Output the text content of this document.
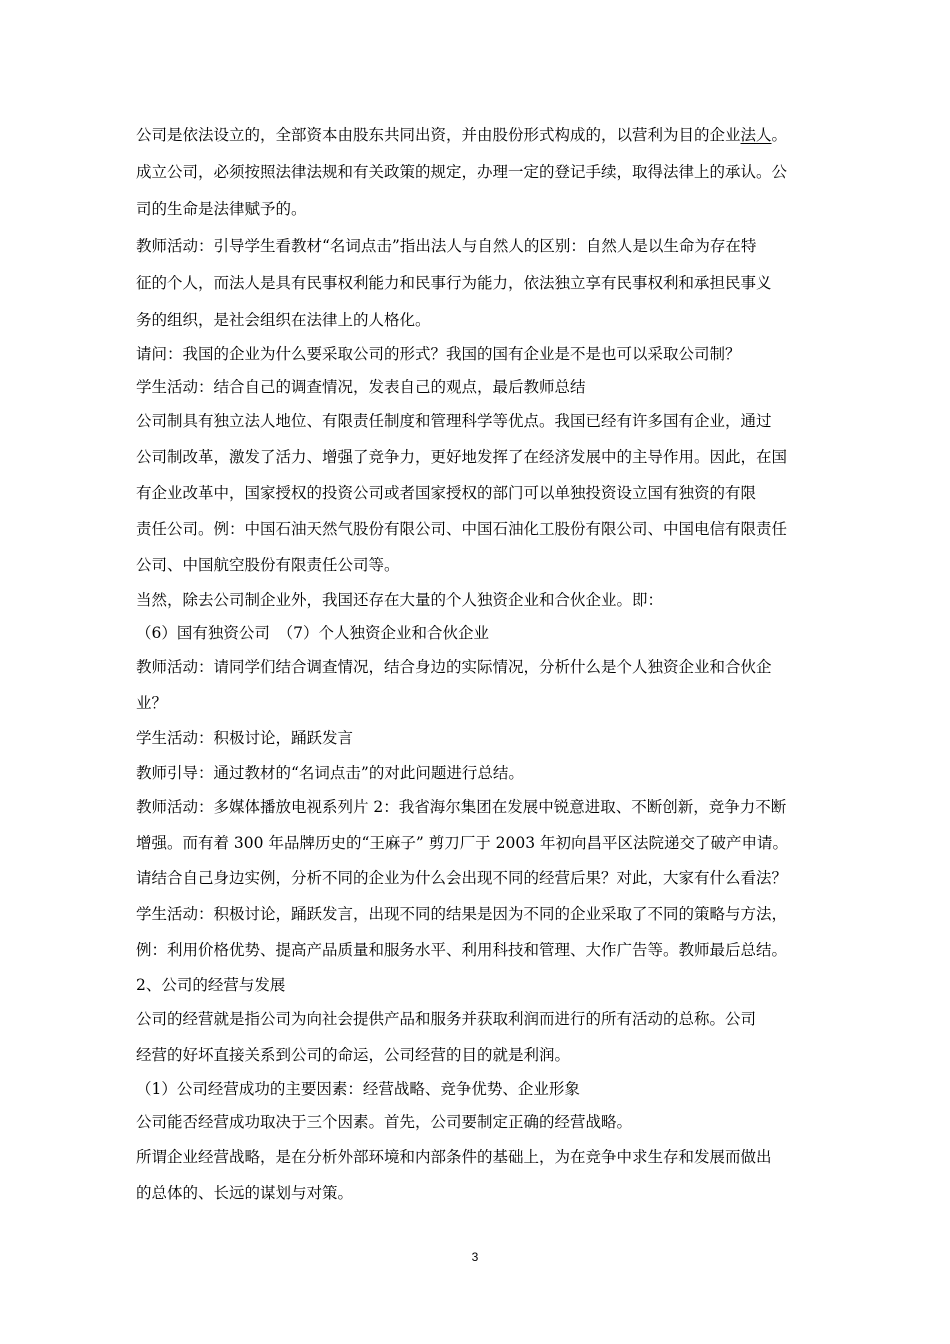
公司是依法设立的，全部资本由股东共同出资，并由股份形式构成的，以营利为目的企业法人。
成立公司，必须按照法律法规和有关政策的规定，办理一定的登记手续，取得法律上的承认。公
司的生命是法律赋予的。
教师活动：引导学生看教材“名词点击”指出法人与自然人的区别：自然人是以生命为存在特
征的个人，而法人是具有民事权利能力和民事行为能力，依法独立享有民事权利和承担民事义
务的组织，是社会组织在法律上的人格化。
请问：我国的企业为什么要采取公司的形式？我国的国有企业是不是也可以采取公司制？
学生活动：结合自己的调查情况，发表自己的观点，最后教师总结
公司制具有独立法人地位、有限责任制度和管理科学等优点。我国已经有许多国有企业，通过
公司制改革，激发了活力、增强了竞争力，更好地发挥了在经济发展中的主导作用。因此，在国
有企业改革中，国家授权的投资公司或者国家授权的部门可以单独投资设立国有独资的有限
责任公司。例：中国石油天然气股份有限公司、中国石油化工股份有限公司、中国电信有限责任
公司、中国航空股份有限责任公司等。
当然，除去公司制企业外，我国还存在大量的个人独资企业和合伙企业。即：
（6）国有独资公司　（7）个人独资企业和合伙企业
教师活动：请同学们结合调查情况，结合身边的实际情况，分析什么是个人独资企业和合伙企
业？
学生活动：积极讨论，踊跃发言
教师引导：通过教材的“名词点击”的对此问题进行总结。
教师活动：多媒体播放电视系列片 2：我省海尔集团在发展中锐意进取、不断创新，竞争力不断
增强。而有着 300 年品牌历史的“王麻子” 剪刀厂于 2003 年初向昌平区法院递交了破产申请。
请结合自己身边实例，分析不同的企业为什么会出现不同的经营后果？对此，大家有什么看法？
学生活动：积极讨论，踊跃发言，出现不同的结果是因为不同的企业采取了不同的策略与方法，
例：利用价格优势、提高产品质量和服务水平、利用科技和管理、大作广告等。教师最后总结。
2、公司的经营与发展
公司的经营就是指公司为向社会提供产品和服务并获取利润而进行的所有活动的总称。公司
经营的好坏直接关系到公司的命运，公司经营的目的就是利润。
（1）公司经营成功的主要因素：经营战略、竞争优势、企业形象
公司能否经营成功取决于三个因素。首先，公司要制定正确的经营战略。
所谓企业经营战略，是在分析外部环境和内部条件的基础上，为在竞争中求生存和发展而做出
的总体的、长远的谋划与对策。
3
